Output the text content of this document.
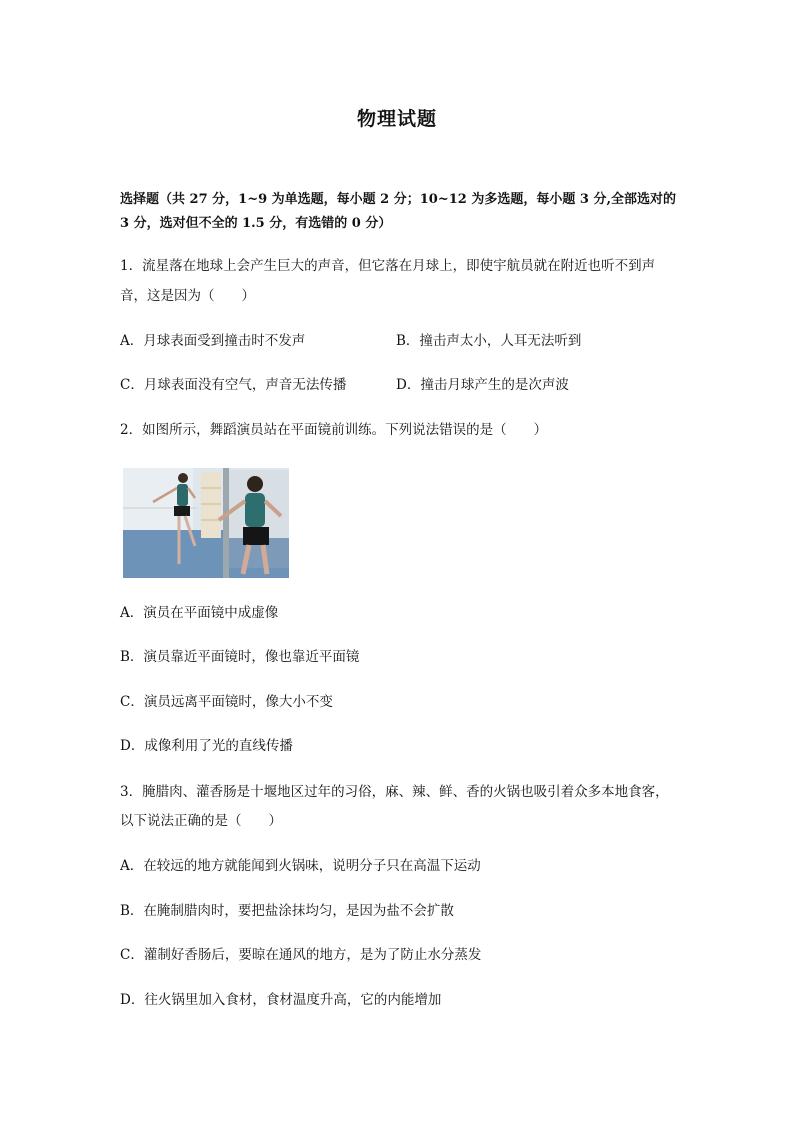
物理试题
选择题（共 27 分，1~9 为单选题，每小题 2 分；10~12 为多选题，每小题 3 分,全部选对的
3 分，选对但不全的 1.5 分，有选错的 0 分）
1．流星落在地球上会产生巨大的声音，但它落在月球上，即使宇航员就在附近也听不到声
音，这是因为（　　）
A．月球表面受到撞击时不发声	B．撞击声太小，人耳无法听到
C．月球表面没有空气，声音无法传播	D．撞击月球产生的是次声波
2．如图所示，舞蹈演员站在平面镜前训练。下列说法错误的是（　　）
A．演员在平面镜中成虚像
B．演员靠近平面镜时，像也靠近平面镜
C．演员远离平面镜时，像大小不变
D．成像利用了光的直线传播
3．腌腊肉、灌香肠是十堰地区过年的习俗，麻、辣、鲜、香的火锅也吸引着众多本地食客，
以下说法正确的是（　　）
A．在较远的地方就能闻到火锅味，说明分子只在高温下运动
B．在腌制腊肉时，要把盐涂抹均匀，是因为盐不会扩散
C．灌制好香肠后，要晾在通风的地方，是为了防止水分蒸发
D．往火锅里加入食材，食材温度升高，它的内能增加
